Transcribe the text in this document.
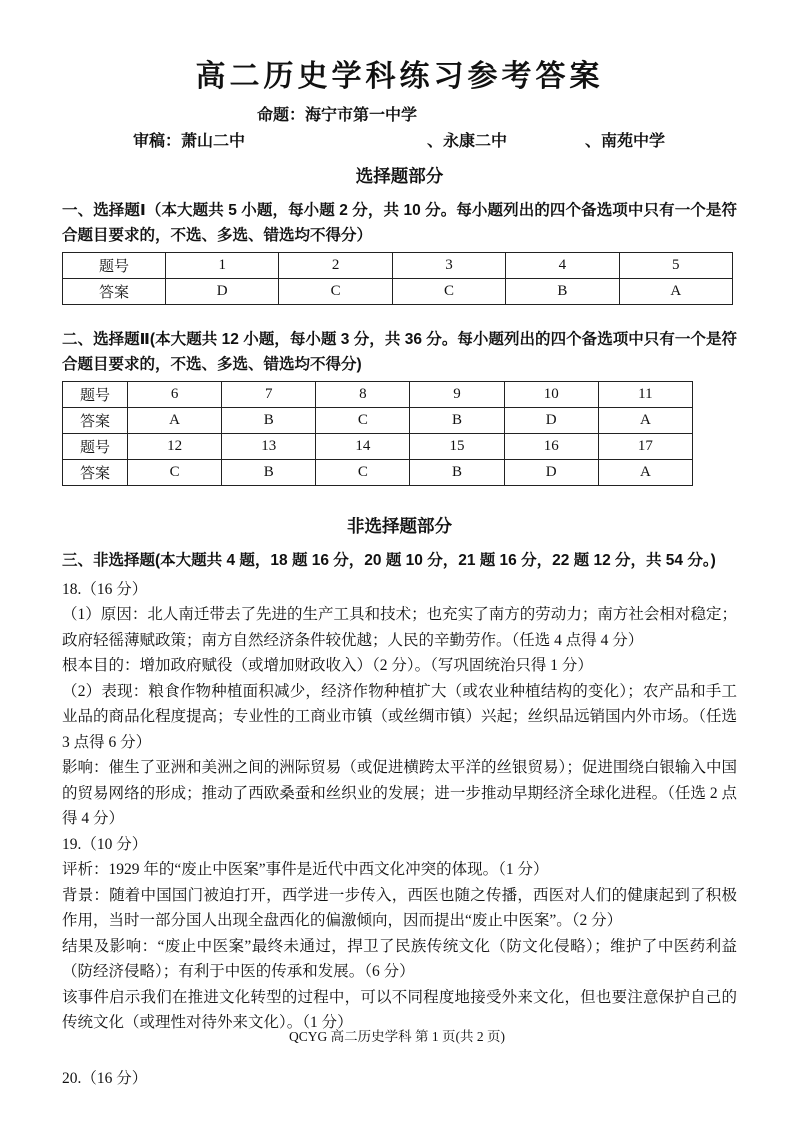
高二历史学科练习参考答案

命题：海宁市第一中学

审稿：萧山二中	、永康二中	、南苑中学

选择题部分

一、选择题Ⅰ（本大题共 5 小题，每小题 2 分，共 10 分。每小题列出的四个备选项中只有一个是符合题目要求的，不选、多选、错选均不得分）

题号	1	2	3	4	5
答案	D	C	C	B	A

二、选择题Ⅱ(本大题共 12 小题，每小题 3 分，共 36 分。每小题列出的四个备选项中只有一个是符合题目要求的，不选、多选、错选均不得分)

题号	6	7	8	9	10	11
答案	A	B	C	B	D	A
题号	12	13	14	15	16	17
答案	C	B	C	B	D	A
非选择题部分

三、非选择题(本大题共 4 题，18 题 16 分，20 题 10 分，21 题 16 分，22 题 12 分，共 54 分。)

18.（16 分）

（1）原因：北人南迁带去了先进的生产工具和技术；也充实了南方的劳动力；南方社会相对稳定；政府轻徭薄赋政策；南方自然经济条件较优越；人民的辛勤劳作。（任选 4 点得 4 分）

根本目的：增加政府赋役（或增加财政收入）（2 分）。（写巩固统治只得 1 分）

（2）表现：粮食作物种植面积减少，经济作物种植扩大（或农业种植结构的变化）；农产品和手工业品的商品化程度提高；专业性的工商业市镇（或丝绸市镇）兴起；丝织品远销国内外市场。（任选 3 点得 6 分）

影响：催生了亚洲和美洲之间的洲际贸易（或促进横跨太平洋的丝银贸易）；促进围绕白银输入中国的贸易网络的形成；推动了西欧桑蚕和丝织业的发展；进一步推动早期经济全球化进程。（任选 2 点得 4 分）

19.（10 分）

评析：1929 年的“废止中医案”事件是近代中西文化冲突的体现。（1 分）

背景：随着中国国门被迫打开，西学进一步传入，西医也随之传播，西医对人们的健康起到了积极作用，当时一部分国人出现全盘西化的偏激倾向，因而提出“废止中医案”。（2 分）

结果及影响：“废止中医案”最终未通过，捍卫了民族传统文化（防文化侵略）；维护了中医药利益（防经济侵略）；有利于中医的传承和发展。（6 分）

该事件启示我们在推进文化转型的过程中，可以不同程度地接受外来文化，但也要注意保护自己的传统文化（或理性对待外来文化）。（1 分）

20.（16 分）

QCYG 高二历史学科 第 1 页(共 2 页)
